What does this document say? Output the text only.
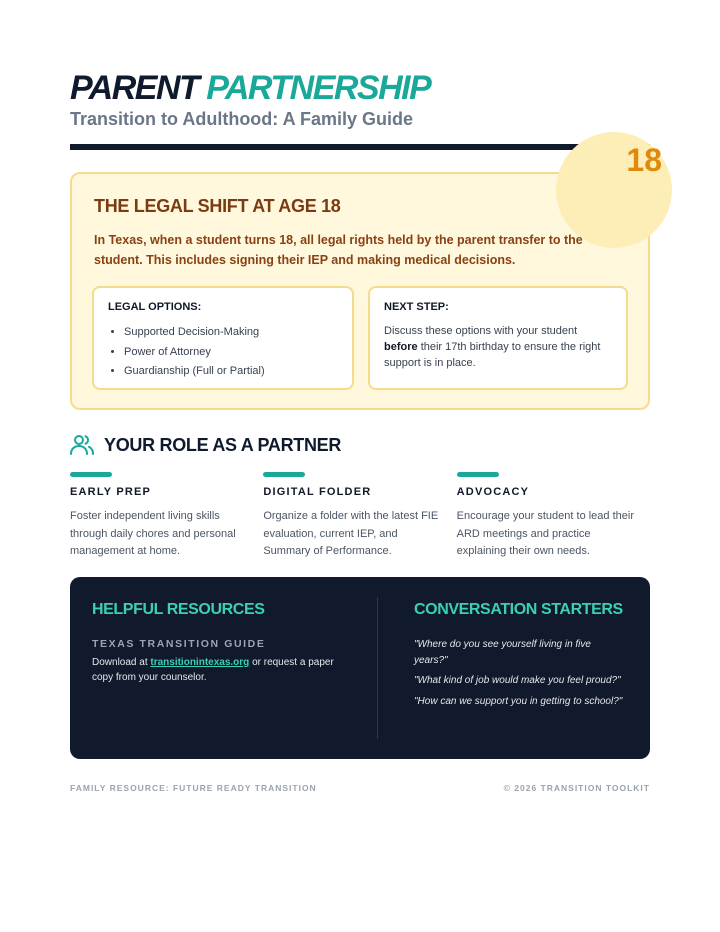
PARENT PARTNERSHIP
Transition to Adulthood: A Family Guide
18
THE LEGAL SHIFT AT AGE 18
In Texas, when a student turns 18, all legal rights held by the parent transfer to the student. This includes signing their IEP and making medical decisions.
LEGAL OPTIONS:
• Supported Decision-Making
• Power of Attorney
• Guardianship (Full or Partial)
NEXT STEP:

Discuss these options with your student before their 17th birthday to ensure the right support is in place.

YOUR ROLE AS A PARTNER
EARLY PREP
Foster independent living skills through daily chores and personal management at home.
DIGITAL FOLDER
Organize a folder with the latest FIE evaluation, current IEP, and Summary of Performance.
ADVOCACY
Encourage your student to lead their ARD meetings and practice explaining their own needs.
HELPFUL RESOURCES
TEXAS TRANSITION GUIDE
Download at transitionintexas.org or request a paper copy from your counselor.
CONVERSATION STARTERS
"Where do you see yourself living in five years?"
"What kind of job would make you feel proud?"
"How can we support you in getting to school?"
FAMILY RESOURCE: FUTURE READY TRANSITION	© 2026 TRANSITION TOOLKIT
